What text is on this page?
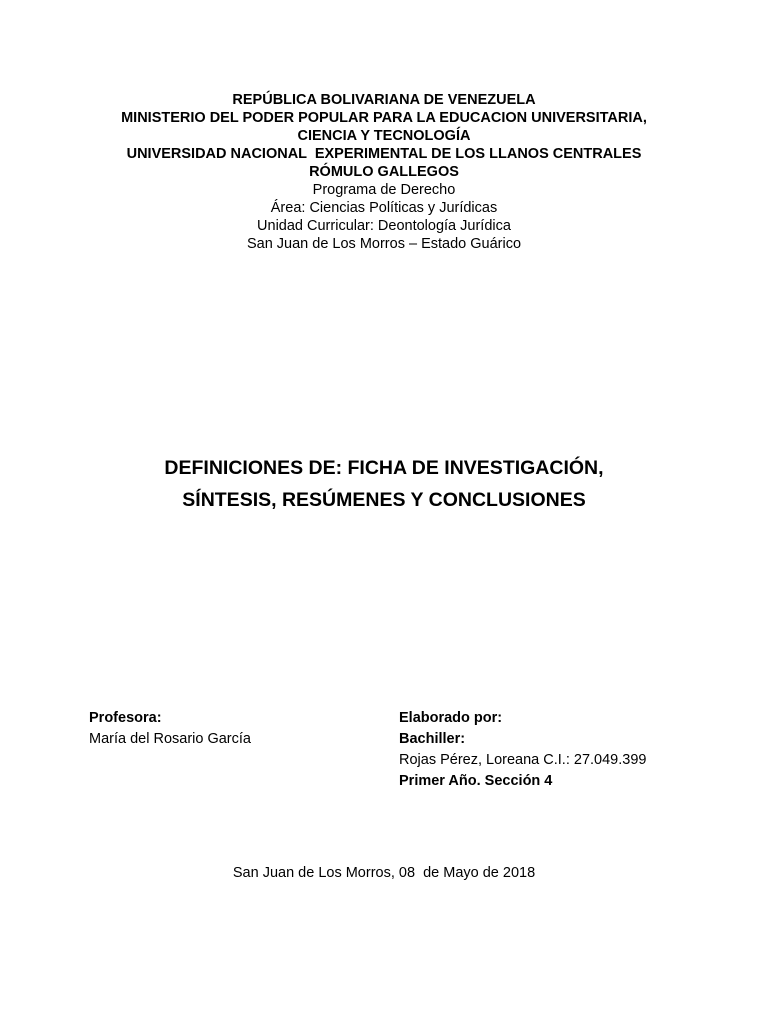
REPÚBLICA BOLIVARIANA DE VENEZUELA
MINISTERIO DEL PODER POPULAR PARA LA EDUCACION UNIVERSITARIA,
CIENCIA Y TECNOLOGÍA
UNIVERSIDAD NACIONAL  EXPERIMENTAL DE LOS LLANOS CENTRALES
RÓMULO GALLEGOS
Programa de Derecho
Área: Ciencias Políticas y Jurídicas
Unidad Curricular: Deontología Jurídica
San Juan de Los Morros – Estado Guárico
DEFINICIONES DE: FICHA DE INVESTIGACIÓN,
SÍNTESIS, RESÚMENES Y CONCLUSIONES
Profesora:
María del Rosario García
Elaborado por:
Bachiller:
Rojas Pérez, Loreana C.I.: 27.049.399
Primer Año. Sección 4
San Juan de Los Morros, 08  de Mayo de 2018
